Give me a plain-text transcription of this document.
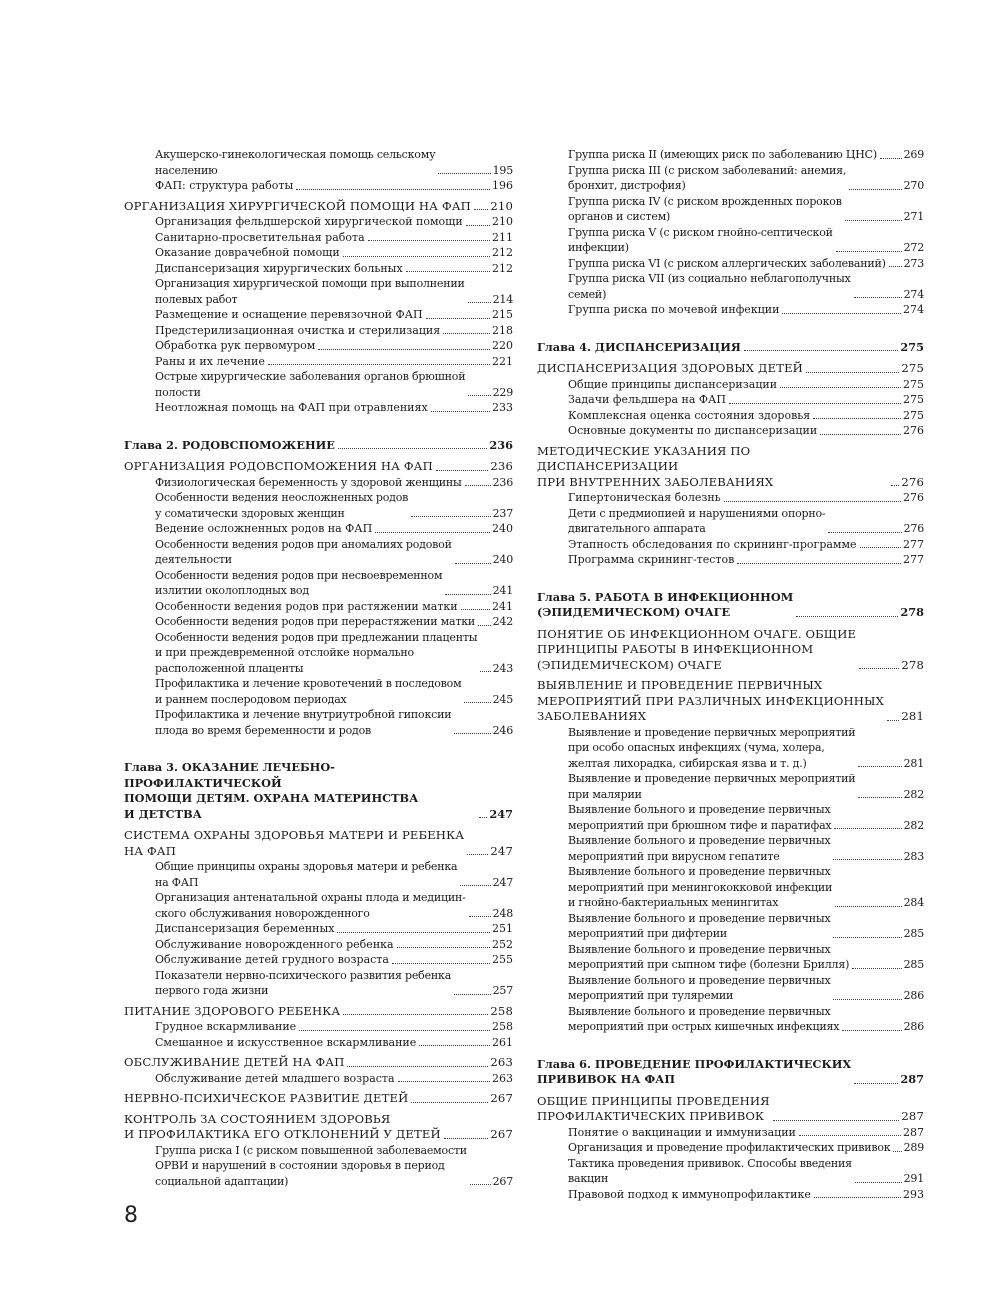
Акушерско-гинекологическая помощь сельскому
населению	195
ФАП: структура работы	196
ОРГАНИЗАЦИЯ ХИРУРГИЧЕСКОЙ ПОМОЩИ НА ФАП 210
Организация фельдшерской хирургической помощи	210
Санитарно-просветительная работа	211
Оказание доврачебной помощи	212
Диспансеризация хирургических больных	212
Организация хирургической помощи при выполнении
полевых работ	214
Размещение и оснащение перевязочной ФАП	215
Предстерилизационная очистка и стерилизация	218
Обработка рук первомуром	220
Раны и их лечение	221
Острые хирургические заболевания органов брюшной
полости	229
Неотложная помощь на ФАП при отравлениях	233
Глава 2. РОДОВСПОМОЖЕНИЕ	236
ОРГАНИЗАЦИЯ РОДОВСПОМОЖЕНИЯ НА ФАП	236
Физиологическая беременность у здоровой женщины	236
Особенности ведения неосложненных родов
у соматически здоровых женщин	237
Ведение осложненных родов на ФАП	240
Особенности ведения родов при аномалиях родовой
деятельности	240
Особенности ведения родов при несвоевременном
излитии околоплодных вод	241
Особенности ведения родов при растяжении матки	241
Особенности ведения родов при перерастяжении матки 242
Особенности ведения родов при предлежании плаценты
и при преждевременной отслойке нормально
расположенной плаценты	243
Профилактика и лечение кровотечений в последовом
и раннем послеродовом периодах	245
Профилактика и лечение внутриутробной гипоксии
плода во время беременности и родов	246
Глава 3. ОКАЗАНИЕ ЛЕЧЕБНО-ПРОФИЛАКТИЧЕСКОЙ
ПОМОЩИ ДЕТЯМ. ОХРАНА МАТЕРИНСТВА
И ДЕТСТВА	247
СИСТЕМА ОХРАНЫ ЗДОРОВЬЯ МАТЕРИ И РЕБЕНКА
НА ФАП	247
Общие принципы охраны здоровья матери и ребенка
на ФАП	247
Организация антенатальной охраны плода и медицин-
ского обслуживания новорожденного	248
Диспансеризация беременных	251
Обслуживание новорожденного ребенка	252
Обслуживание детей грудного возраста	255
Показатели нервно-психического развития ребенка
первого года жизни	257
ПИТАНИЕ ЗДОРОВОГО РЕБЕНКА	258
Грудное вскармливание	258
Смешанное и искусственное вскармливание	261
ОБСЛУЖИВАНИЕ ДЕТЕЙ НА ФАП	263
Обслуживание детей младшего возраста	263
НЕРВНО-ПСИХИЧЕСКОЕ РАЗВИТИЕ ДЕТЕЙ	267
КОНТРОЛЬ ЗА СОСТОЯНИЕМ ЗДОРОВЬЯ
И ПРОФИЛАКТИКА ЕГО ОТКЛОНЕНИЙ У ДЕТЕЙ	267
Группа риска I (с риском повышенной заболеваемости
ОРВИ и нарушений в состоянии здоровья в период
социальной адаптации)	267
Группа риска II (имеющих риск по заболеванию ЦНС) 269
Группа риска III (с риском заболеваний: анемия,
бронхит, дистрофия)	270
Группа риска IV (с риском врожденных пороков
органов и систем)	271
Группа риска V (с риском гнойно-септической
инфекции)	272
Группа риска VI (с риском аллергических заболеваний) 273
Группа риска VII (из социально неблагополучных
семей)	274
Группа риска по мочевой инфекции	274
Глава 4. ДИСПАНСЕРИЗАЦИЯ	275
ДИСПАНСЕРИЗАЦИЯ ЗДОРОВЫХ ДЕТЕЙ	275
Общие принципы диспансеризации	275
Задачи фельдшера на ФАП	275
Комплексная оценка состояния здоровья	275
Основные документы по диспансеризации	276
МЕТОДИЧЕСКИЕ УКАЗАНИЯ ПО ДИСПАНСЕРИЗАЦИИ
ПРИ ВНУТРЕННИХ ЗАБОЛЕВАНИЯХ	276
Гипертоническая болезнь	276
Дети с предмиопией и нарушениями опорно-
двигательного аппарата	276
Этапность обследования по скрининг-программе	277
Программа скрининг-тестов	277
Глава 5. РАБОТА В ИНФЕКЦИОННОМ
(ЭПИДЕМИЧЕСКОМ) ОЧАГЕ	278
ПОНЯТИЕ ОБ ИНФЕКЦИОННОМ ОЧАГЕ. ОБЩИЕ
ПРИНЦИПЫ РАБОТЫ В ИНФЕКЦИОННОМ
(ЭПИДЕМИЧЕСКОМ) ОЧАГЕ	278
ВЫЯВЛЕНИЕ И ПРОВЕДЕНИЕ ПЕРВИЧНЫХ
МЕРОПРИЯТИЙ ПРИ РАЗЛИЧНЫХ ИНФЕКЦИОННЫХ
ЗАБОЛЕВАНИЯХ	281
Выявление и проведение первичных мероприятий
при особо опасных инфекциях (чума, холера,
желтая лихорадка, сибирская язва и т. д.)	281
Выявление и проведение первичных мероприятий
при малярии	282
Выявление больного и проведение первичных
мероприятий при брюшном тифе и паратифах	282
Выявление больного и проведение первичных
мероприятий при вирусном гепатите	283
Выявление больного и проведение первичных
мероприятий при менингококковой инфекции
и гнойно-бактериальных менингитах	284
Выявление больного и проведение первичных
мероприятий при дифтерии	285
Выявление больного и проведение первичных
мероприятий при сыпном тифе (болезни Брилля)	285
Выявление больного и проведение первичных
мероприятий при туляремии	286
Выявление больного и проведение первичных
мероприятий при острых кишечных инфекциях	286
Глава 6. ПРОВЕДЕНИЕ ПРОФИЛАКТИЧЕСКИХ
ПРИВИВОК НА ФАП	287
ОБЩИЕ ПРИНЦИПЫ ПРОВЕДЕНИЯ
ПРОФИЛАКТИЧЕСКИХ ПРИВИВОК	287
Понятие о вакцинации и иммунизации	287
Организация и проведение профилактических прививок 289
Тактика проведения прививок. Способы введения
вакцин	291
Правовой подход к иммунопрофилактике	293
8
